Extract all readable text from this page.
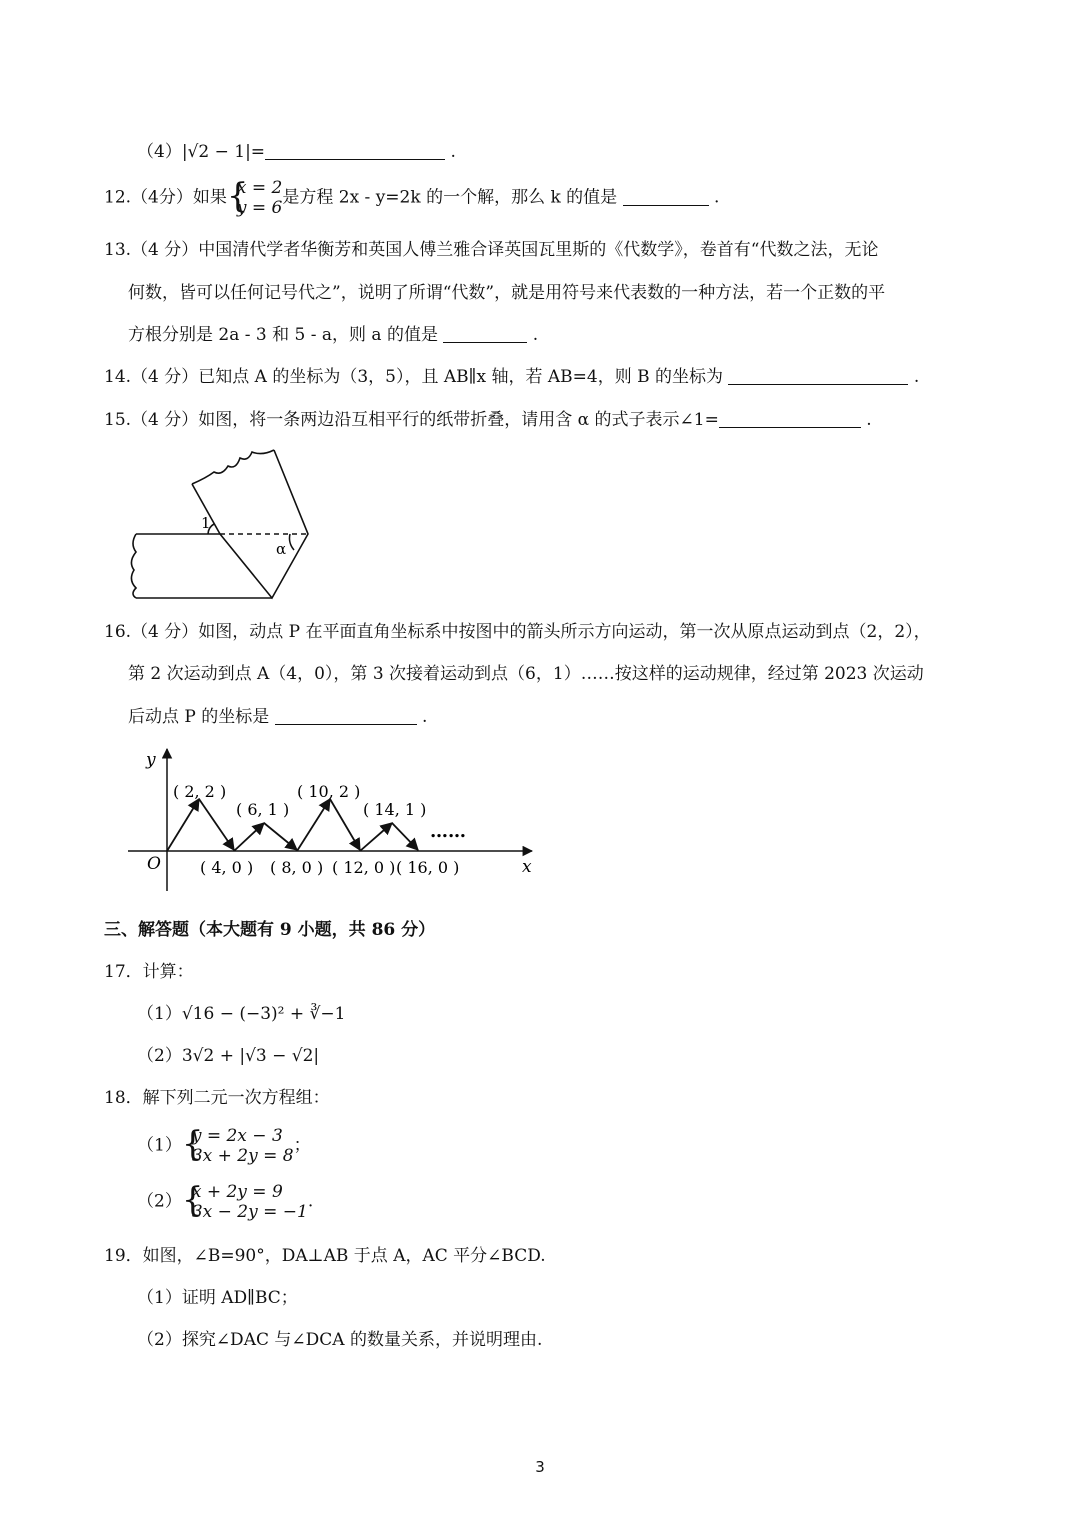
（4）|√2 − 1|=	.
12.（4分）如果 {
x = 2
y = 6
是方程 2x - y=2k 的一个解，那么 k 的值是	.
13.（4 分）中国清代学者华衡芳和英国人傅兰雅合译英国瓦里斯的《代数学》，卷首有“代数之法，无论
何数，皆可以任何记号代之”，说明了所谓“代数”，就是用符号来代表数的一种方法，若一个正数的平
方根分别是 2a - 3 和 5 - a，则 a 的值是	.
14.（4 分）已知点 A 的坐标为（3，5），且 AB∥x 轴，若 AB=4，则 B 的坐标为	.
15.（4 分）如图，将一条两边沿互相平行的纸带折叠，请用含 α 的式子表示∠1=	.
1
α
16.（4 分）如图，动点 P 在平面直角坐标系中按图中的箭头所示方向运动，第一次从原点运动到点（2，2），
第 2 次运动到点 A（4，0），第 3 次接着运动到点（6，1）……按这样的运动规律，经过第 2023 次运动
后动点 P 的坐标是	.
y
x
O
( 2, 2 )
( 6, 1 )
( 10, 2 )
( 14, 1 )
( 4, 0 ) ( 8, 0 ) ( 12, 0 ) ( 16, 0 )
……
三、解答题（本大题有 9 小题，共 86 分）
17．计算：
（1）√16 − (−3)² + ∛−1
（2）3√2 + |√3 − √2|
18．解下列二元一次方程组：
（1） {
y = 2x − 3
3x + 2y = 8
；
（2） {
x + 2y = 9
3x − 2y = −1
.
19．如图，∠B=90°，DA⊥AB 于点 A，AC 平分∠BCD.
（1）证明 AD∥BC；
（2）探究∠DAC 与∠DCA 的数量关系，并说明理由.
3
